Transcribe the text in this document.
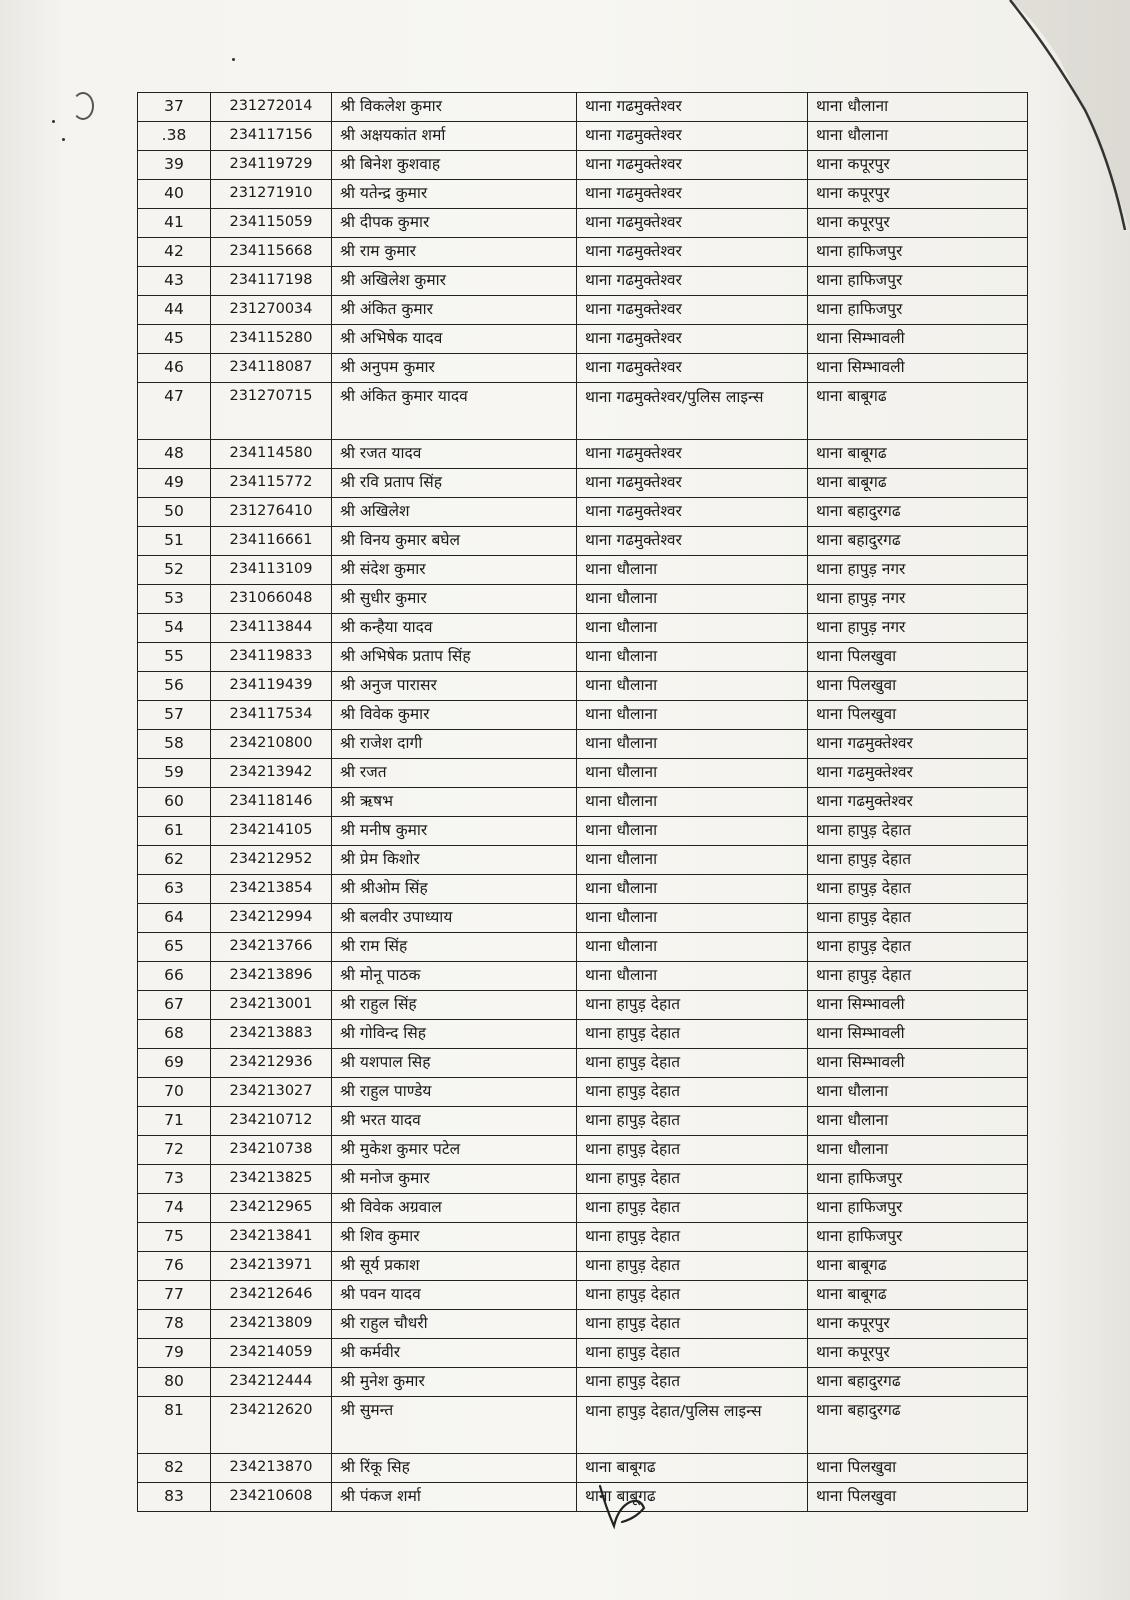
37	231272014	श्री विकलेश कुमार	थाना गढमुक्तेश्वर	थाना धौलाना
.38	234117156	श्री अक्षयकांत शर्मा	थाना गढमुक्तेश्वर	थाना धौलाना
39	234119729	श्री बिनेश कुशवाह	थाना गढमुक्तेश्वर	थाना कपूरपुर
40	231271910	श्री यतेन्द्र कुमार	थाना गढमुक्तेश्वर	थाना कपूरपुर
41	234115059	श्री दीपक कुमार	थाना गढमुक्तेश्वर	थाना कपूरपुर
42	234115668	श्री राम कुमार	थाना गढमुक्तेश्वर	थाना हाफिजपुर
43	234117198	श्री अखिलेश कुमार	थाना गढमुक्तेश्वर	थाना हाफिजपुर
44	231270034	श्री अंकित कुमार	थाना गढमुक्तेश्वर	थाना हाफिजपुर
45	234115280	श्री अभिषेक यादव	थाना गढमुक्तेश्वर	थाना सिम्भावली
46	234118087	श्री अनुपम कुमार	थाना गढमुक्तेश्वर	थाना सिम्भावली
47	231270715	श्री अंकित कुमार यादव	थाना गढमुक्तेश्वर/पुलिस लाइन्स	थाना बाबूगढ
48	234114580	श्री रजत यादव	थाना गढमुक्तेश्वर	थाना बाबूगढ
49	234115772	श्री रवि प्रताप सिंह	थाना गढमुक्तेश्वर	थाना बाबूगढ
50	231276410	श्री अखिलेश	थाना गढमुक्तेश्वर	थाना बहादुरगढ
51	234116661	श्री विनय कुमार बघेल	थाना गढमुक्तेश्वर	थाना बहादुरगढ
52	234113109	श्री संदेश कुमार	थाना धौलाना	थाना हापुड़ नगर
53	231066048	श्री सुधीर कुमार	थाना धौलाना	थाना हापुड़ नगर
54	234113844	श्री कन्हैया यादव	थाना धौलाना	थाना हापुड़ नगर
55	234119833	श्री अभिषेक प्रताप सिंह	थाना धौलाना	थाना पिलखुवा
56	234119439	श्री अनुज पारासर	थाना धौलाना	थाना पिलखुवा
57	234117534	श्री विवेक कुमार	थाना धौलाना	थाना पिलखुवा
58	234210800	श्री राजेश दागी	थाना धौलाना	थाना गढमुक्तेश्वर
59	234213942	श्री रजत	थाना धौलाना	थाना गढमुक्तेश्वर
60	234118146	श्री ऋषभ	थाना धौलाना	थाना गढमुक्तेश्वर
61	234214105	श्री मनीष कुमार	थाना धौलाना	थाना हापुड़ देहात
62	234212952	श्री प्रेम किशोर	थाना धौलाना	थाना हापुड़ देहात
63	234213854	श्री श्रीओम सिंह	थाना धौलाना	थाना हापुड़ देहात
64	234212994	श्री बलवीर उपाध्याय	थाना धौलाना	थाना हापुड़ देहात
65	234213766	श्री राम सिंह	थाना धौलाना	थाना हापुड़ देहात
66	234213896	श्री मोनू पाठक	थाना धौलाना	थाना हापुड़ देहात
67	234213001	श्री राहुल सिंह	थाना हापुड़ देहात	थाना सिम्भावली
68	234213883	श्री गोविन्द सिह	थाना हापुड़ देहात	थाना सिम्भावली
69	234212936	श्री यशपाल सिह	थाना हापुड़ देहात	थाना सिम्भावली
70	234213027	श्री राहुल पाण्डेय	थाना हापुड़ देहात	थाना धौलाना
71	234210712	श्री भरत यादव	थाना हापुड़ देहात	थाना धौलाना
72	234210738	श्री मुकेश कुमार पटेल	थाना हापुड़ देहात	थाना धौलाना
73	234213825	श्री मनोज कुमार	थाना हापुड़ देहात	थाना हाफिजपुर
74	234212965	श्री विवेक अग्रवाल	थाना हापुड़ देहात	थाना हाफिजपुर
75	234213841	श्री शिव कुमार	थाना हापुड़ देहात	थाना हाफिजपुर
76	234213971	श्री सूर्य प्रकाश	थाना हापुड़ देहात	थाना बाबूगढ
77	234212646	श्री पवन यादव	थाना हापुड़ देहात	थाना बाबूगढ
78	234213809	श्री राहुल चौधरी	थाना हापुड़ देहात	थाना कपूरपुर
79	234214059	श्री कर्मवीर	थाना हापुड़ देहात	थाना कपूरपुर
80	234212444	श्री मुनेश कुमार	थाना हापुड़ देहात	थाना बहादुरगढ
81	234212620	श्री सुमन्त	थाना हापुड़ देहात/पुलिस लाइन्स	थाना बहादुरगढ
82	234213870	श्री रिंकू सिह	थाना बाबूगढ	थाना पिलखुवा
83	234210608	श्री पंकज शर्मा	थाना बाबूगढ	थाना पिलखुवा
